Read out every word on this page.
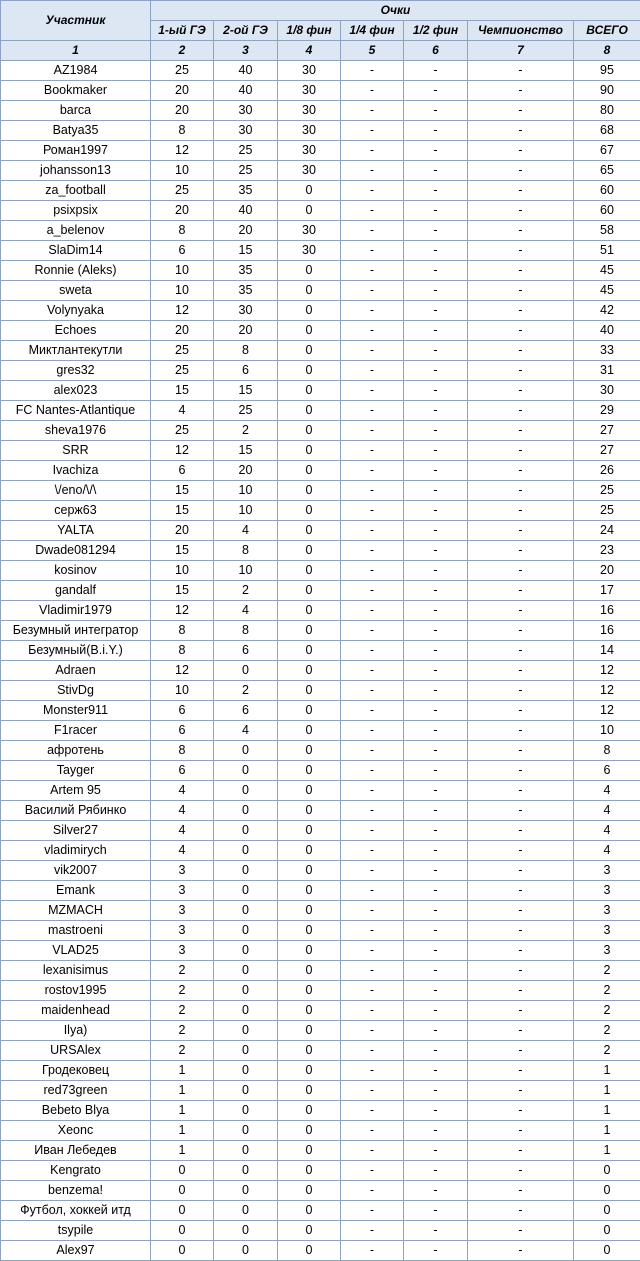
Участник	Очки						
	1-ый ГЭ	2-ой ГЭ	1/8 фин	1/4 фин	1/2 фин	Чемпионство	ВСЕГО
1	2	3	4	5	6	7	8
AZ1984	25	40	30	-	-	-	95
Bookmaker	20	40	30	-	-	-	90
barca	20	30	30	-	-	-	80
Batya35	8	30	30	-	-	-	68
Роман1997	12	25	30	-	-	-	67
johansson13	10	25	30	-	-	-	65
za_football	25	35	0	-	-	-	60
psixpsix	20	40	0	-	-	-	60
a_belenov	8	20	30	-	-	-	58
SlaDim14	6	15	30	-	-	-	51
Ronnie (Aleks)	10	35	0	-	-	-	45
sweta	10	35	0	-	-	-	45
Volynyaka	12	30	0	-	-	-	42
Echoes	20	20	0	-	-	-	40
Миктлантекутли	25	8	0	-	-	-	33
gres32	25	6	0	-	-	-	31
alex023	15	15	0	-	-	-	30
FC Nantes-Atlantique	4	25	0	-	-	-	29
sheva1976	25	2	0	-	-	-	27
SRR	12	15	0	-	-	-	27
Ivachiza	6	20	0	-	-	-	26
\/eno/\/\	15	10	0	-	-	-	25
серж63	15	10	0	-	-	-	25
YALTA	20	4	0	-	-	-	24
Dwade081294	15	8	0	-	-	-	23
kosinov	10	10	0	-	-	-	20
gandalf	15	2	0	-	-	-	17
Vladimir1979	12	4	0	-	-	-	16
Безумный интегратор	8	8	0	-	-	-	16
Безумный(B.i.Y.)	8	6	0	-	-	-	14
Adraen	12	0	0	-	-	-	12
StivDg	10	2	0	-	-	-	12
Monster911	6	6	0	-	-	-	12
F1racer	6	4	0	-	-	-	10
афротень	8	0	0	-	-	-	8
Tayger	6	0	0	-	-	-	6
Artem 95	4	0	0	-	-	-	4
Василий Рябинко	4	0	0	-	-	-	4
Silver27	4	0	0	-	-	-	4
vladimirych	4	0	0	-	-	-	4
vik2007	3	0	0	-	-	-	3
Emank	3	0	0	-	-	-	3
MZMACH	3	0	0	-	-	-	3
mastroeni	3	0	0	-	-	-	3
VLAD25	3	0	0	-	-	-	3
lexanisimus	2	0	0	-	-	-	2
rostov1995	2	0	0	-	-	-	2
maidenhead	2	0	0	-	-	-	2
Ilya)	2	0	0	-	-	-	2
URSAlex	2	0	0	-	-	-	2
Гродековец	1	0	0	-	-	-	1
red73green	1	0	0	-	-	-	1
Bebeto Blya	1	0	0	-	-	-	1
Xeonc	1	0	0	-	-	-	1
Иван Лебедев	1	0	0	-	-	-	1
Kengrato	0	0	0	-	-	-	0
benzema!	0	0	0	-	-	-	0
Футбол, хоккей итд	0	0	0	-	-	-	0
tsypile	0	0	0	-	-	-	0
Alex97	0	0	0	-	-	-	0
